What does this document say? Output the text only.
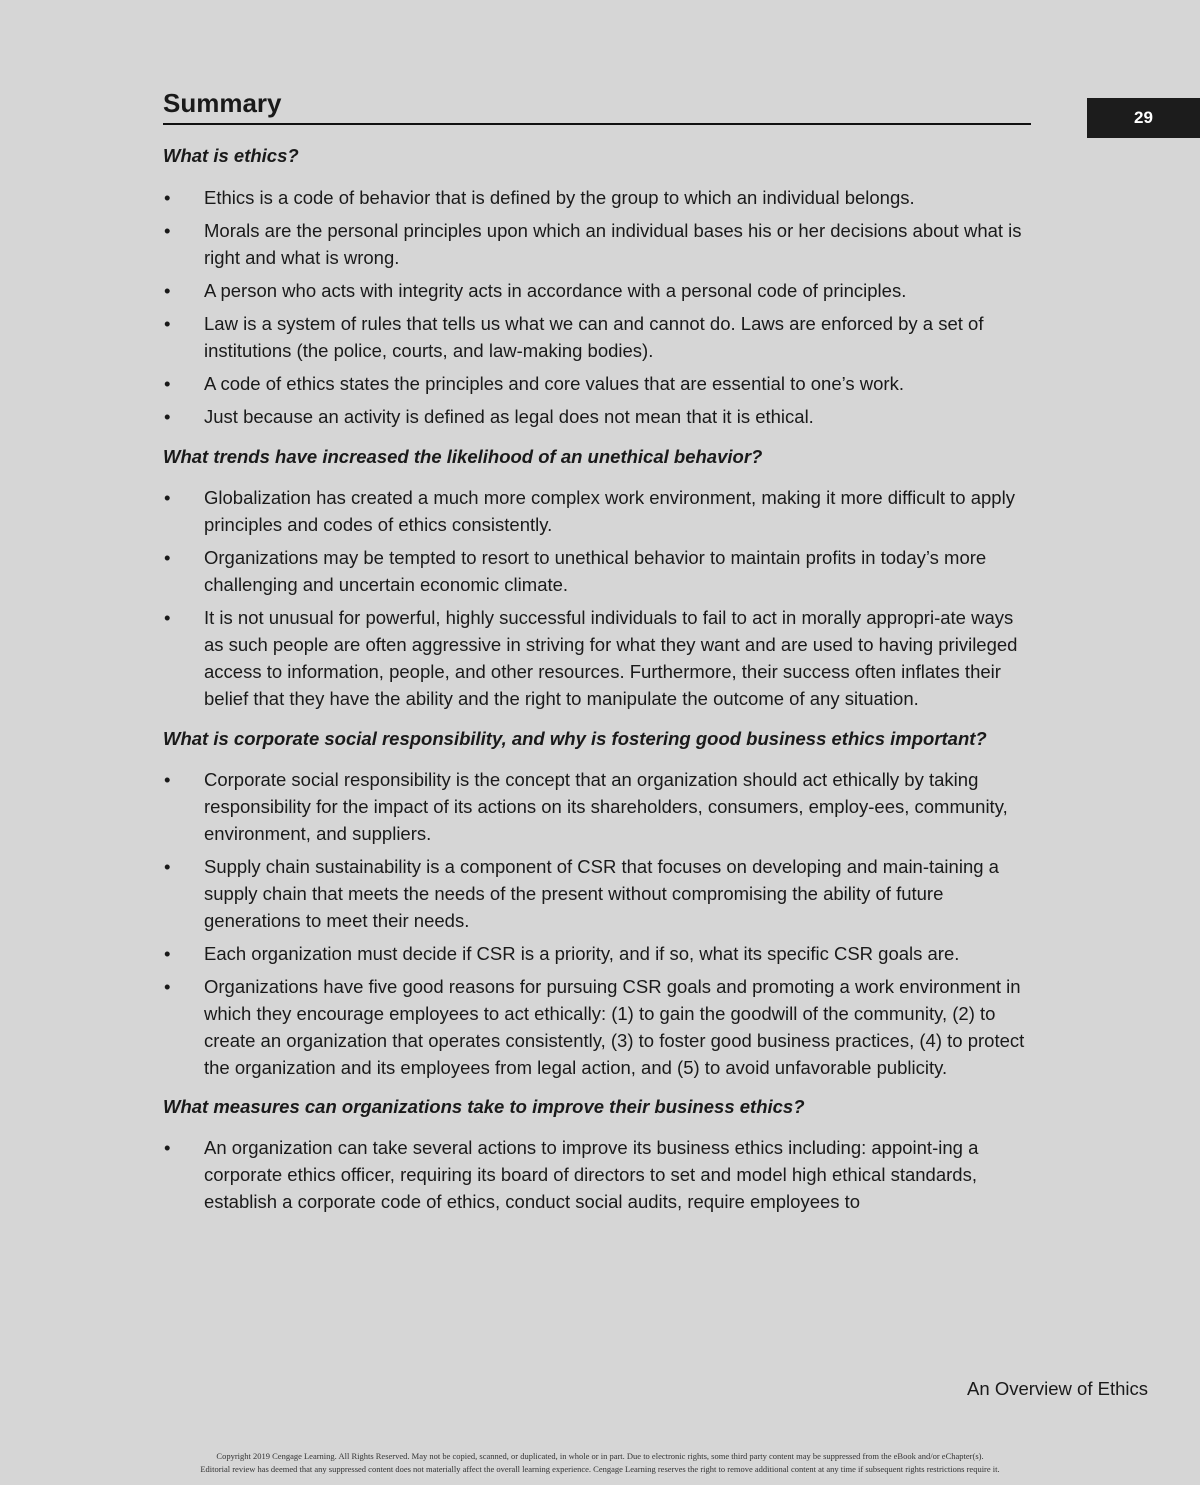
29
Summary
What is ethics?
• Ethics is a code of behavior that is defined by the group to which an individual belongs.
• Morals are the personal principles upon which an individual bases his or her decisions about what is right and what is wrong.
• A person who acts with integrity acts in accordance with a personal code of principles.
• Law is a system of rules that tells us what we can and cannot do. Laws are enforced by a set of institutions (the police, courts, and law-making bodies).
• A code of ethics states the principles and core values that are essential to one’s work.
• Just because an activity is defined as legal does not mean that it is ethical.
What trends have increased the likelihood of an unethical behavior?
• Globalization has created a much more complex work environment, making it more difficult to apply principles and codes of ethics consistently.
• Organizations may be tempted to resort to unethical behavior to maintain profits in today’s more challenging and uncertain economic climate.
• It is not unusual for powerful, highly successful individuals to fail to act in morally appropri-ate ways as such people are often aggressive in striving for what they want and are used to having privileged access to information, people, and other resources. Furthermore, their success often inflates their belief that they have the ability and the right to manipulate the outcome of any situation.
What is corporate social responsibility, and why is fostering good business ethics important?
• Corporate social responsibility is the concept that an organization should act ethically by taking responsibility for the impact of its actions on its shareholders, consumers, employ-ees, community, environment, and suppliers.
• Supply chain sustainability is a component of CSR that focuses on developing and main-taining a supply chain that meets the needs of the present without compromising the ability of future generations to meet their needs.
• Each organization must decide if CSR is a priority, and if so, what its specific CSR goals are.
• Organizations have five good reasons for pursuing CSR goals and promoting a work environment in which they encourage employees to act ethically: (1) to gain the goodwill of the community, (2) to create an organization that operates consistently, (3) to foster good business practices, (4) to protect the organization and its employees from legal action, and (5) to avoid unfavorable publicity.
What measures can organizations take to improve their business ethics?
• An organization can take several actions to improve its business ethics including: appoint-ing a corporate ethics officer, requiring its board of directors to set and model high ethical standards, establish a corporate code of ethics, conduct social audits, require employees to
An Overview of Ethics
Copyright 2019 Cengage Learning. All Rights Reserved. May not be copied, scanned, or duplicated, in whole or in part. Due to electronic rights, some third party content may be suppressed from the eBook and/or eChapter(s).
Editorial review has deemed that any suppressed content does not materially affect the overall learning experience. Cengage Learning reserves the right to remove additional content at any time if subsequent rights restrictions require it.
